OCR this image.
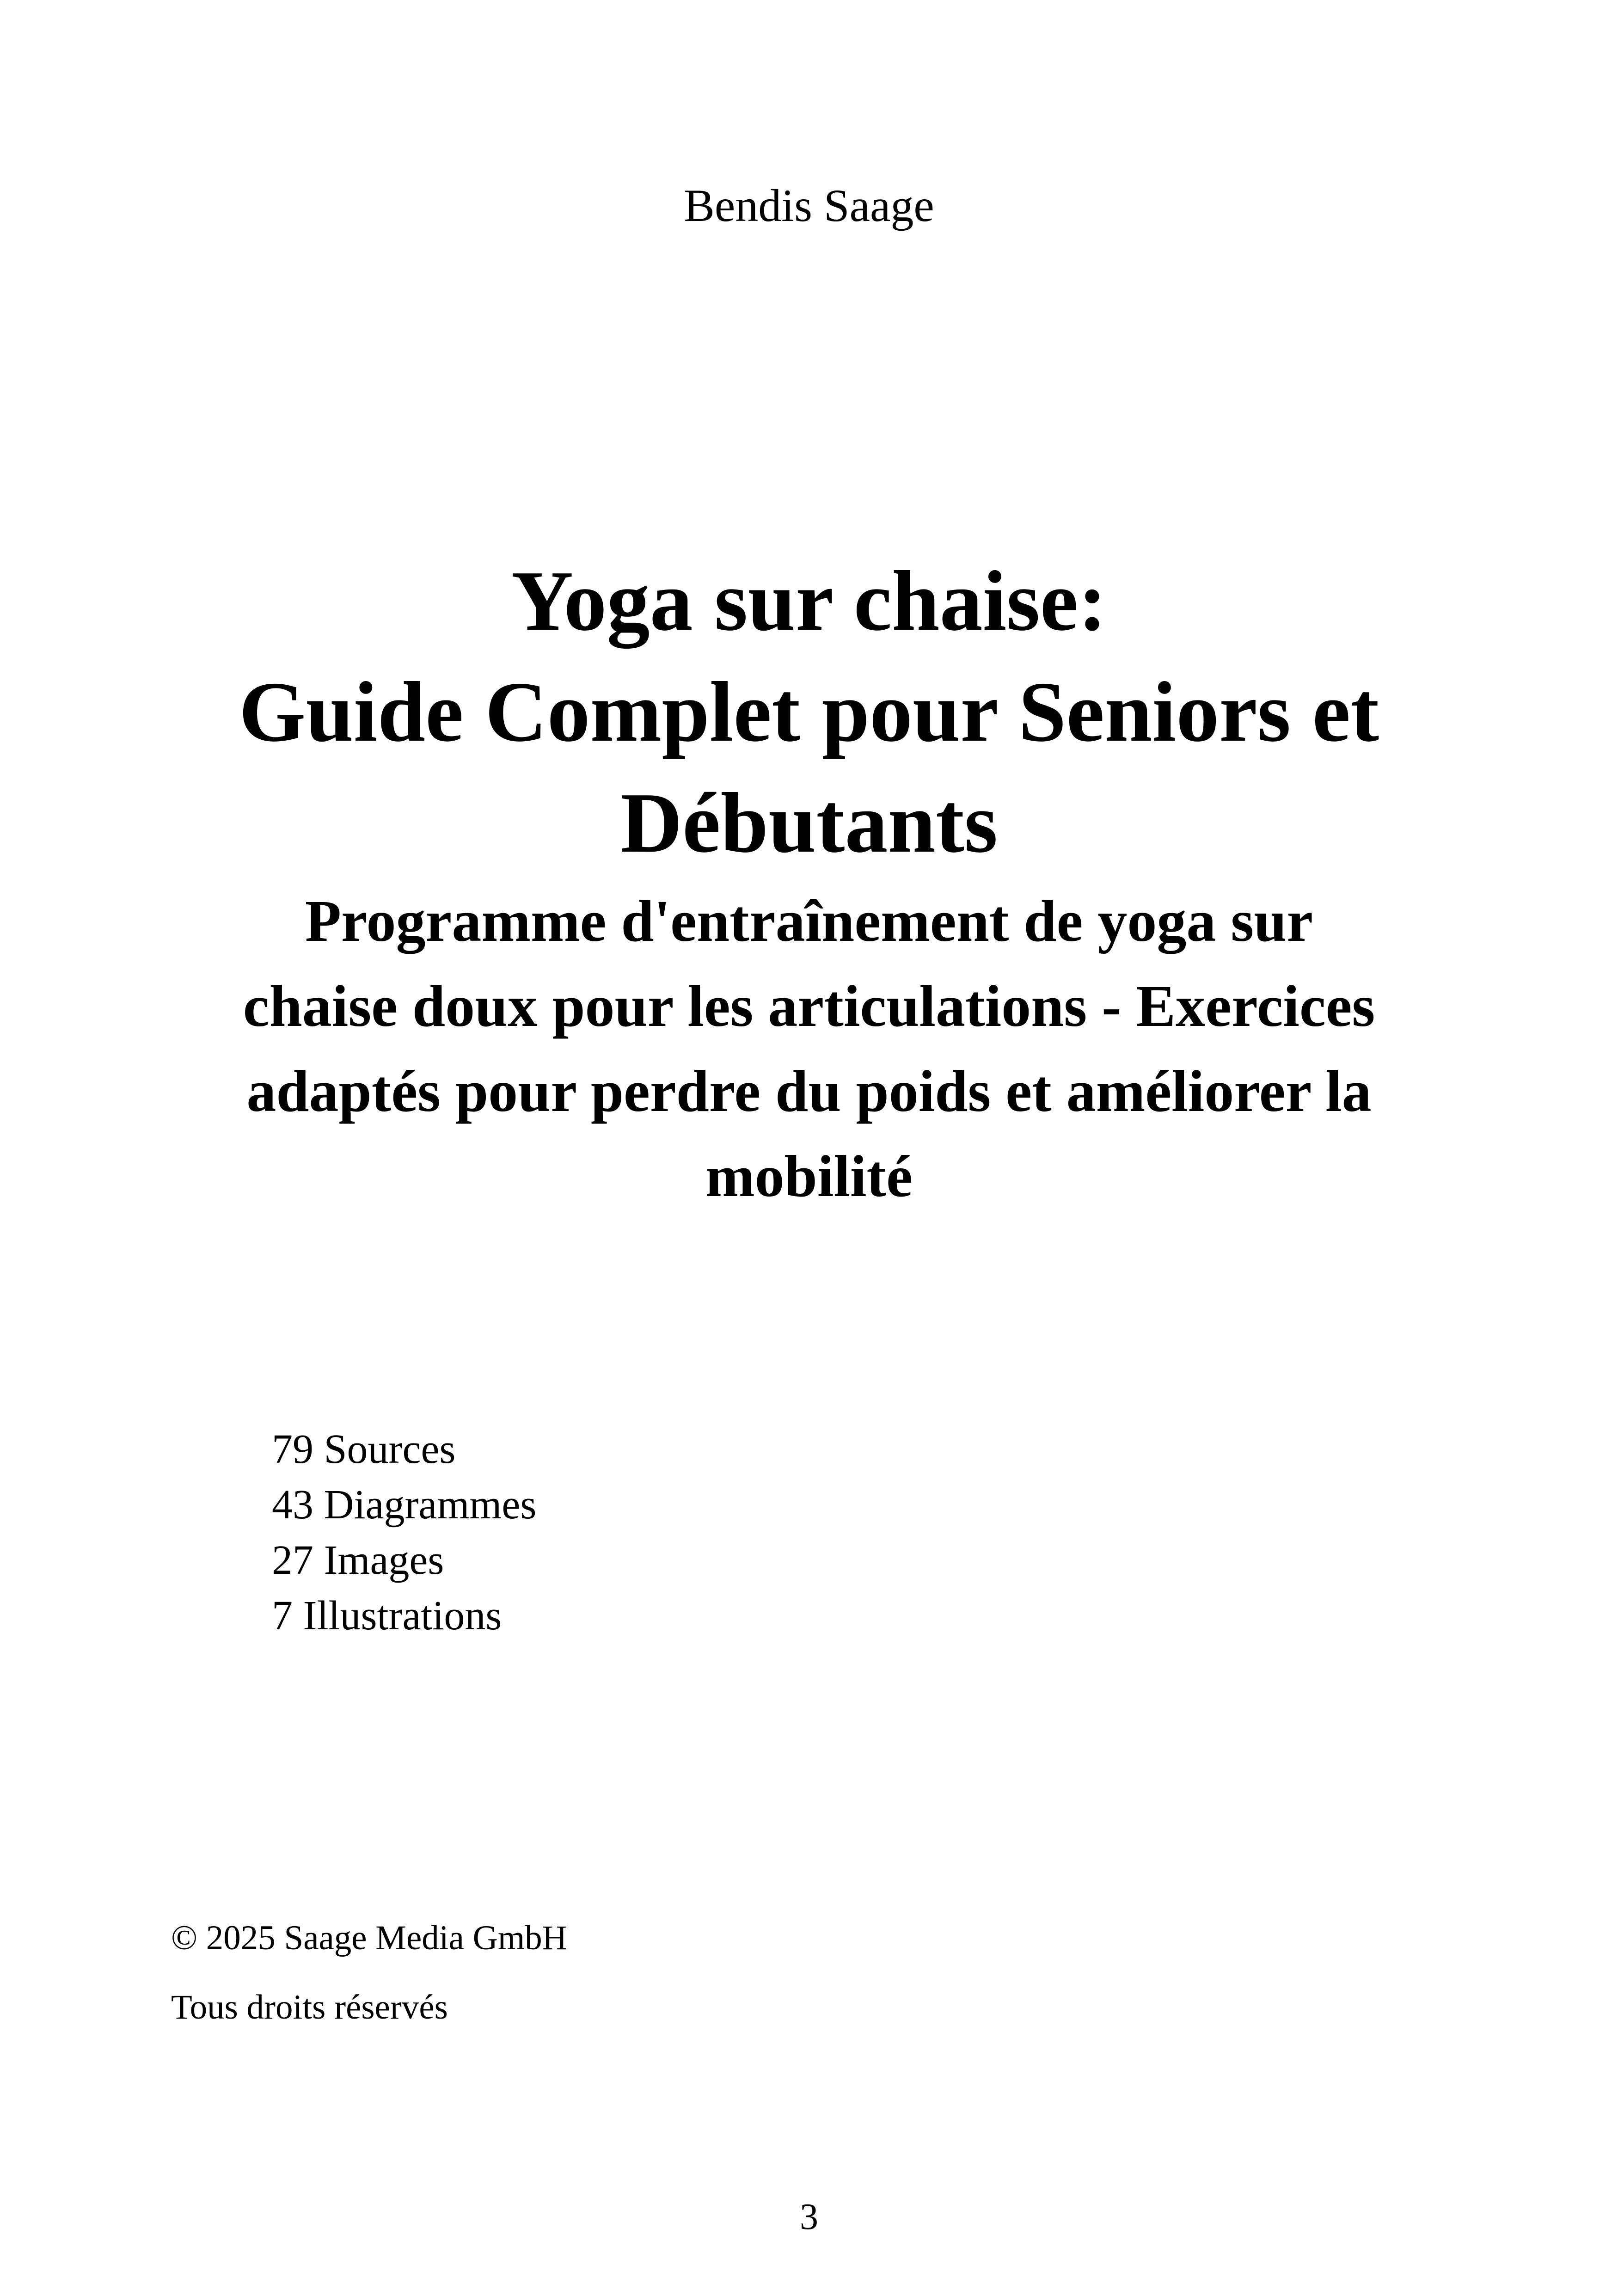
Bendis Saage
Yoga sur chaise:
Guide Complet pour Seniors et
Débutants
Programme d'entraînement de yoga sur
chaise doux pour les articulations - Exercices
adaptés pour perdre du poids et améliorer la
mobilité
79 Sources
43 Diagrammes
27 Images
7 Illustrations
© 2025 Saage Media GmbH
Tous droits réservés
3
